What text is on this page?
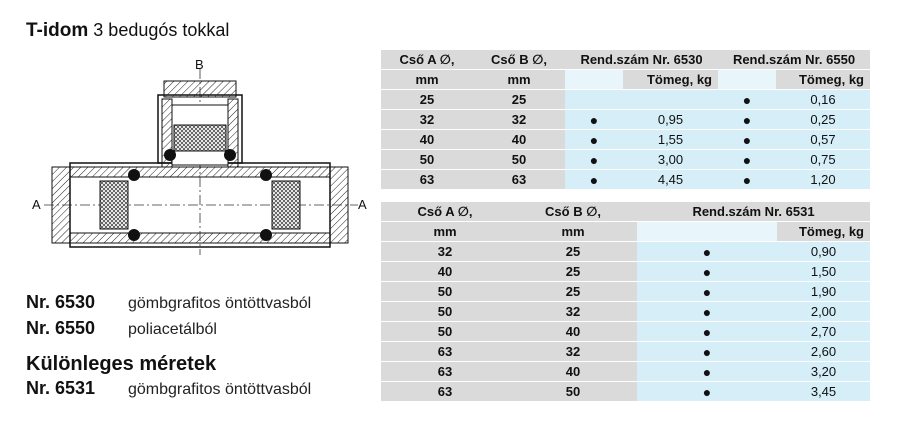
T-idom 3 bedugós tokkal
B
A	A
Nr. 6530	gömbgrafitos öntöttvasból
Nr. 6550	poliacetálból
Különleges méretek
Nr. 6531	gömbgrafitos öntöttvasból
Cső A ∅,	Cső B ∅,	Rend.szám Nr. 6530		Rend.szám Nr. 6550	
mm	mm		Tömeg, kg		Tömeg, kg
25	25			●	0,16
32	32	●	0,95	●	0,25
40	40	●	1,55	●	0,57
50	50	●	3,00	●	0,75
63	63	●	4,45	●	1,20
Cső A ∅,	Cső B ∅,	Rend.szám Nr. 6531	
mm	mm		Tömeg, kg
32	25	●	0,90
40	25	●	1,50
50	25	●	1,90
50	32	●	2,00
50	40	●	2,70
63	32	●	2,60
63	40	●	3,20
63	50	●	3,45
